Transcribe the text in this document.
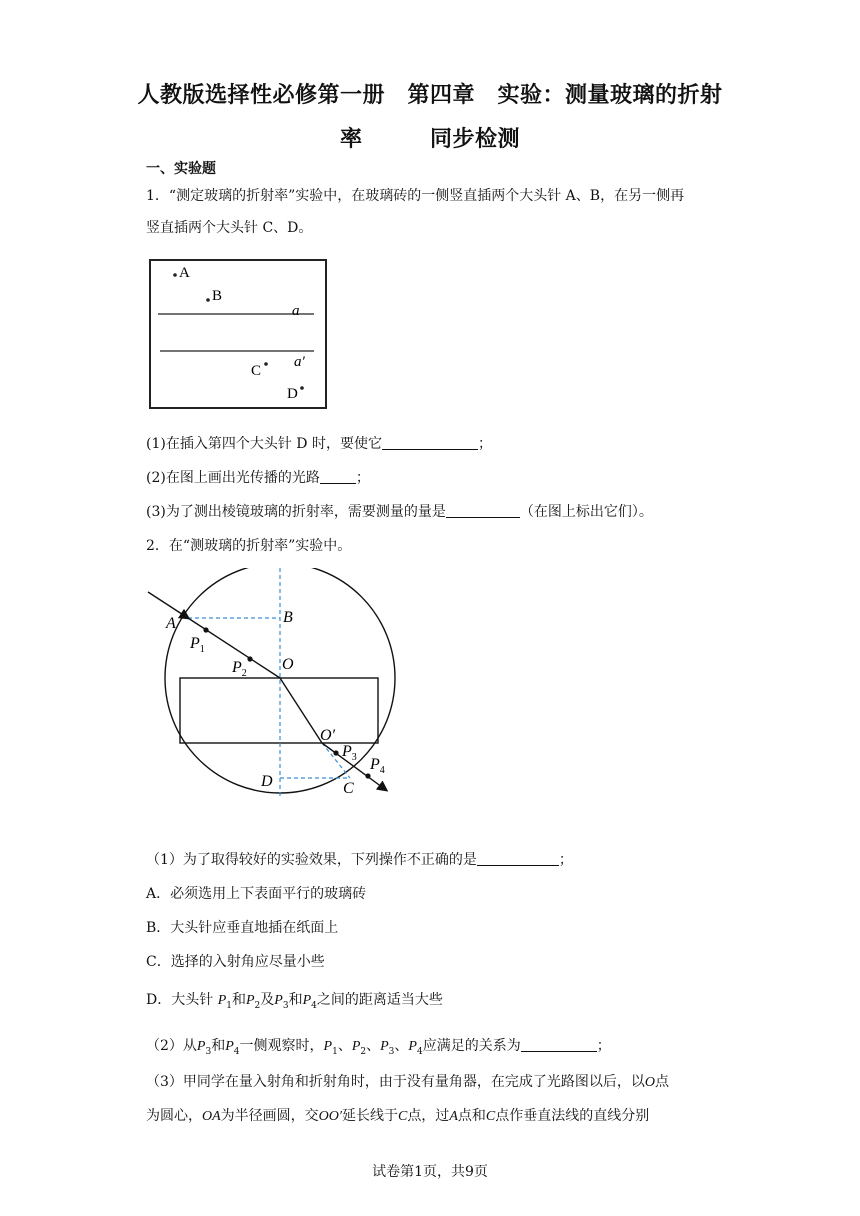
人教版选择性必修第一册　第四章　实验：测量玻璃的折射
率　　　同步检测
一、实验题
1．“测定玻璃的折射率”实验中，在玻璃砖的一侧竖直插两个大头针 A、B，在另一侧再
竖直插两个大头针 C、D。
A
B
a
a′
C
D
(1)在插入第四个大头针 D 时，要使它	；
(2)在图上画出光传播的光路	；
(3)为了测出棱镜玻璃的折射率，需要测量的量是	（在图上标出它们）。
2．在“测玻璃的折射率”实验中。
A	B
O
O′
D	C
$P_1$
$P_2$
$P_3$ $P_4$
（1）为了取得较好的实验效果，下列操作不正确的是	；
A．必须选用上下表面平行的玻璃砖
B．大头针应垂直地插在纸面上
C．选择的入射角应尽量小些
D．大头针 $P_1$和$P_2$及$P_3$和$P_4$之间的距离适当大些
（2）从$P_3$和$P_4$一侧观察时，$P_1$、$P_2$、$P_3$、$P_4$应满足的关系为	；
（3）甲同学在量入射角和折射角时，由于没有量角器，在完成了光路图以后，以O点
为圆心，OA为半径画圆，交OO′延长线于C点，过A点和C点作垂直法线的直线分别
试卷第1页，共9页
